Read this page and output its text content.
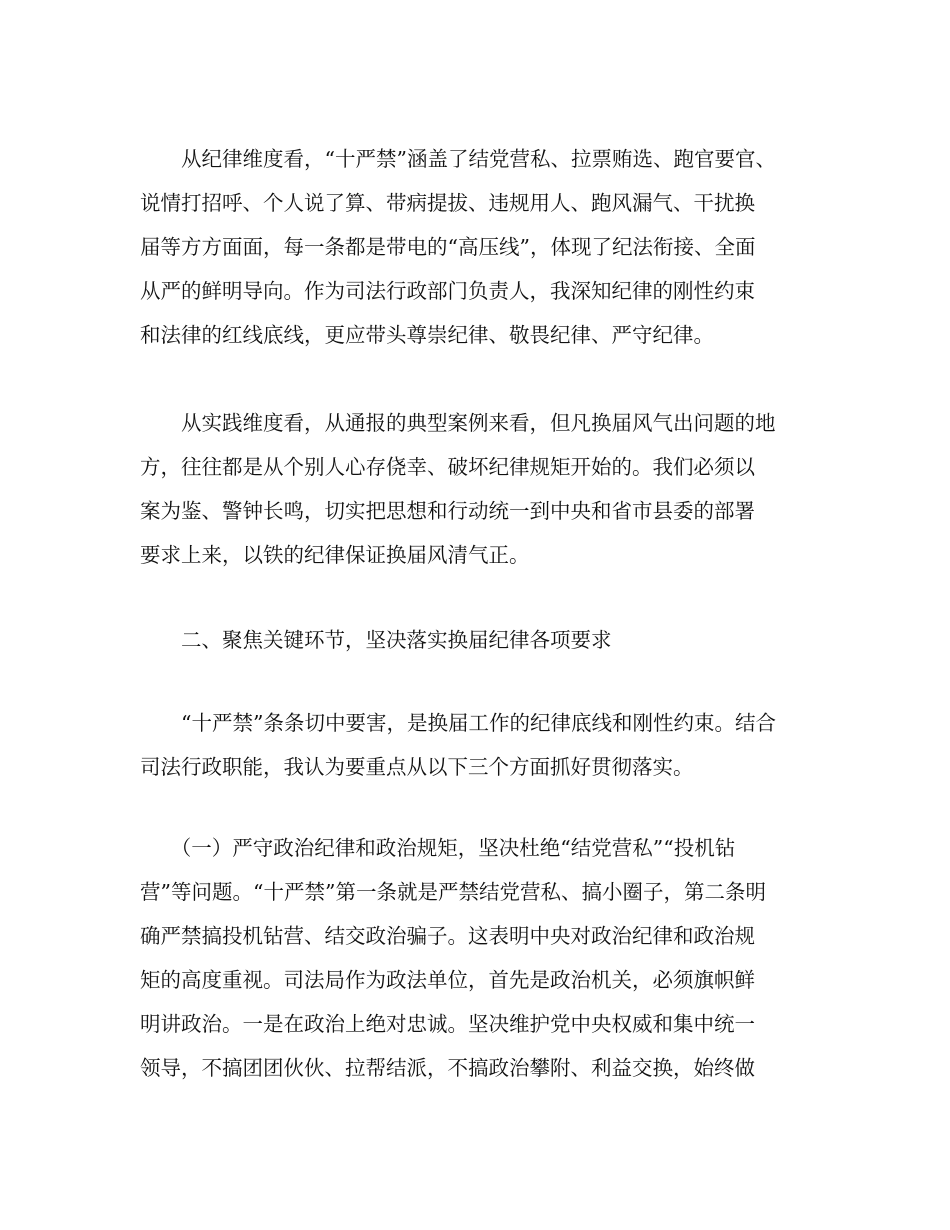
　　从纪律维度看，“十严禁”涵盖了结党营私、拉票贿选、跑官要官、
说情打招呼、个人说了算、带病提拔、违规用人、跑风漏气、干扰换
届等方方面面，每一条都是带电的“高压线”，体现了纪法衔接、全面
从严的鲜明导向。作为司法行政部门负责人，我深知纪律的刚性约束
和法律的红线底线，更应带头尊崇纪律、敬畏纪律、严守纪律。
　　从实践维度看，从通报的典型案例来看，但凡换届风气出问题的地
方，往往都是从个别人心存侥幸、破坏纪律规矩开始的。我们必须以
案为鉴、警钟长鸣，切实把思想和行动统一到中央和省市县委的部署
要求上来，以铁的纪律保证换届风清气正。
　　二、聚焦关键环节，坚决落实换届纪律各项要求
　　“十严禁”条条切中要害，是换届工作的纪律底线和刚性约束。结合
司法行政职能，我认为要重点从以下三个方面抓好贯彻落实。
　　（一）严守政治纪律和政治规矩，坚决杜绝“结党营私”“投机钻
营”等问题。“十严禁”第一条就是严禁结党营私、搞小圈子，第二条明
确严禁搞投机钻营、结交政治骗子。这表明中央对政治纪律和政治规
矩的高度重视。司法局作为政法单位，首先是政治机关，必须旗帜鲜
明讲政治。一是在政治上绝对忠诚。坚决维护党中央权威和集中统一
领导，不搞团团伙伙、拉帮结派，不搞政治攀附、利益交换，始终做
